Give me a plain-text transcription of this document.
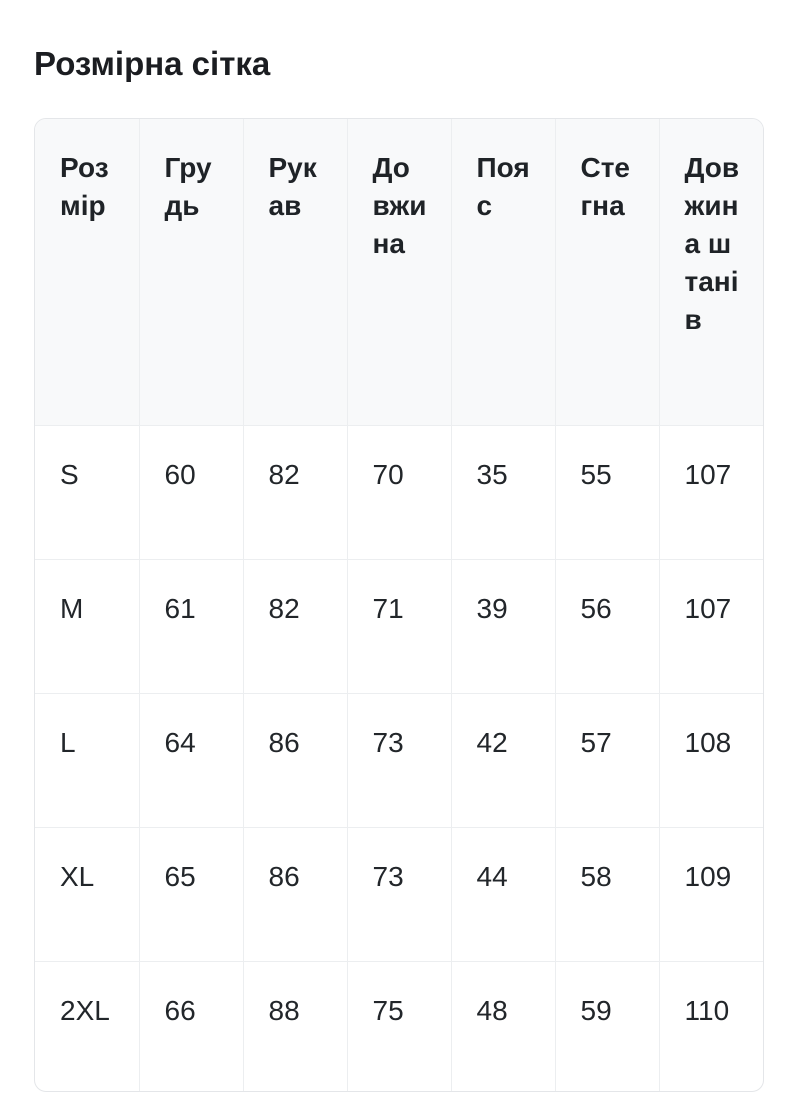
Розмірна сітка
Розмір	Грудь	Рукав	Довжина	Пояс	Стегна	Довжина штанів
S	60	82	70	35	55	107
M	61	82	71	39	56	107
L	64	86	73	42	57	108
XL	65	86	73	44	58	109
2XL	66	88	75	48	59	110
